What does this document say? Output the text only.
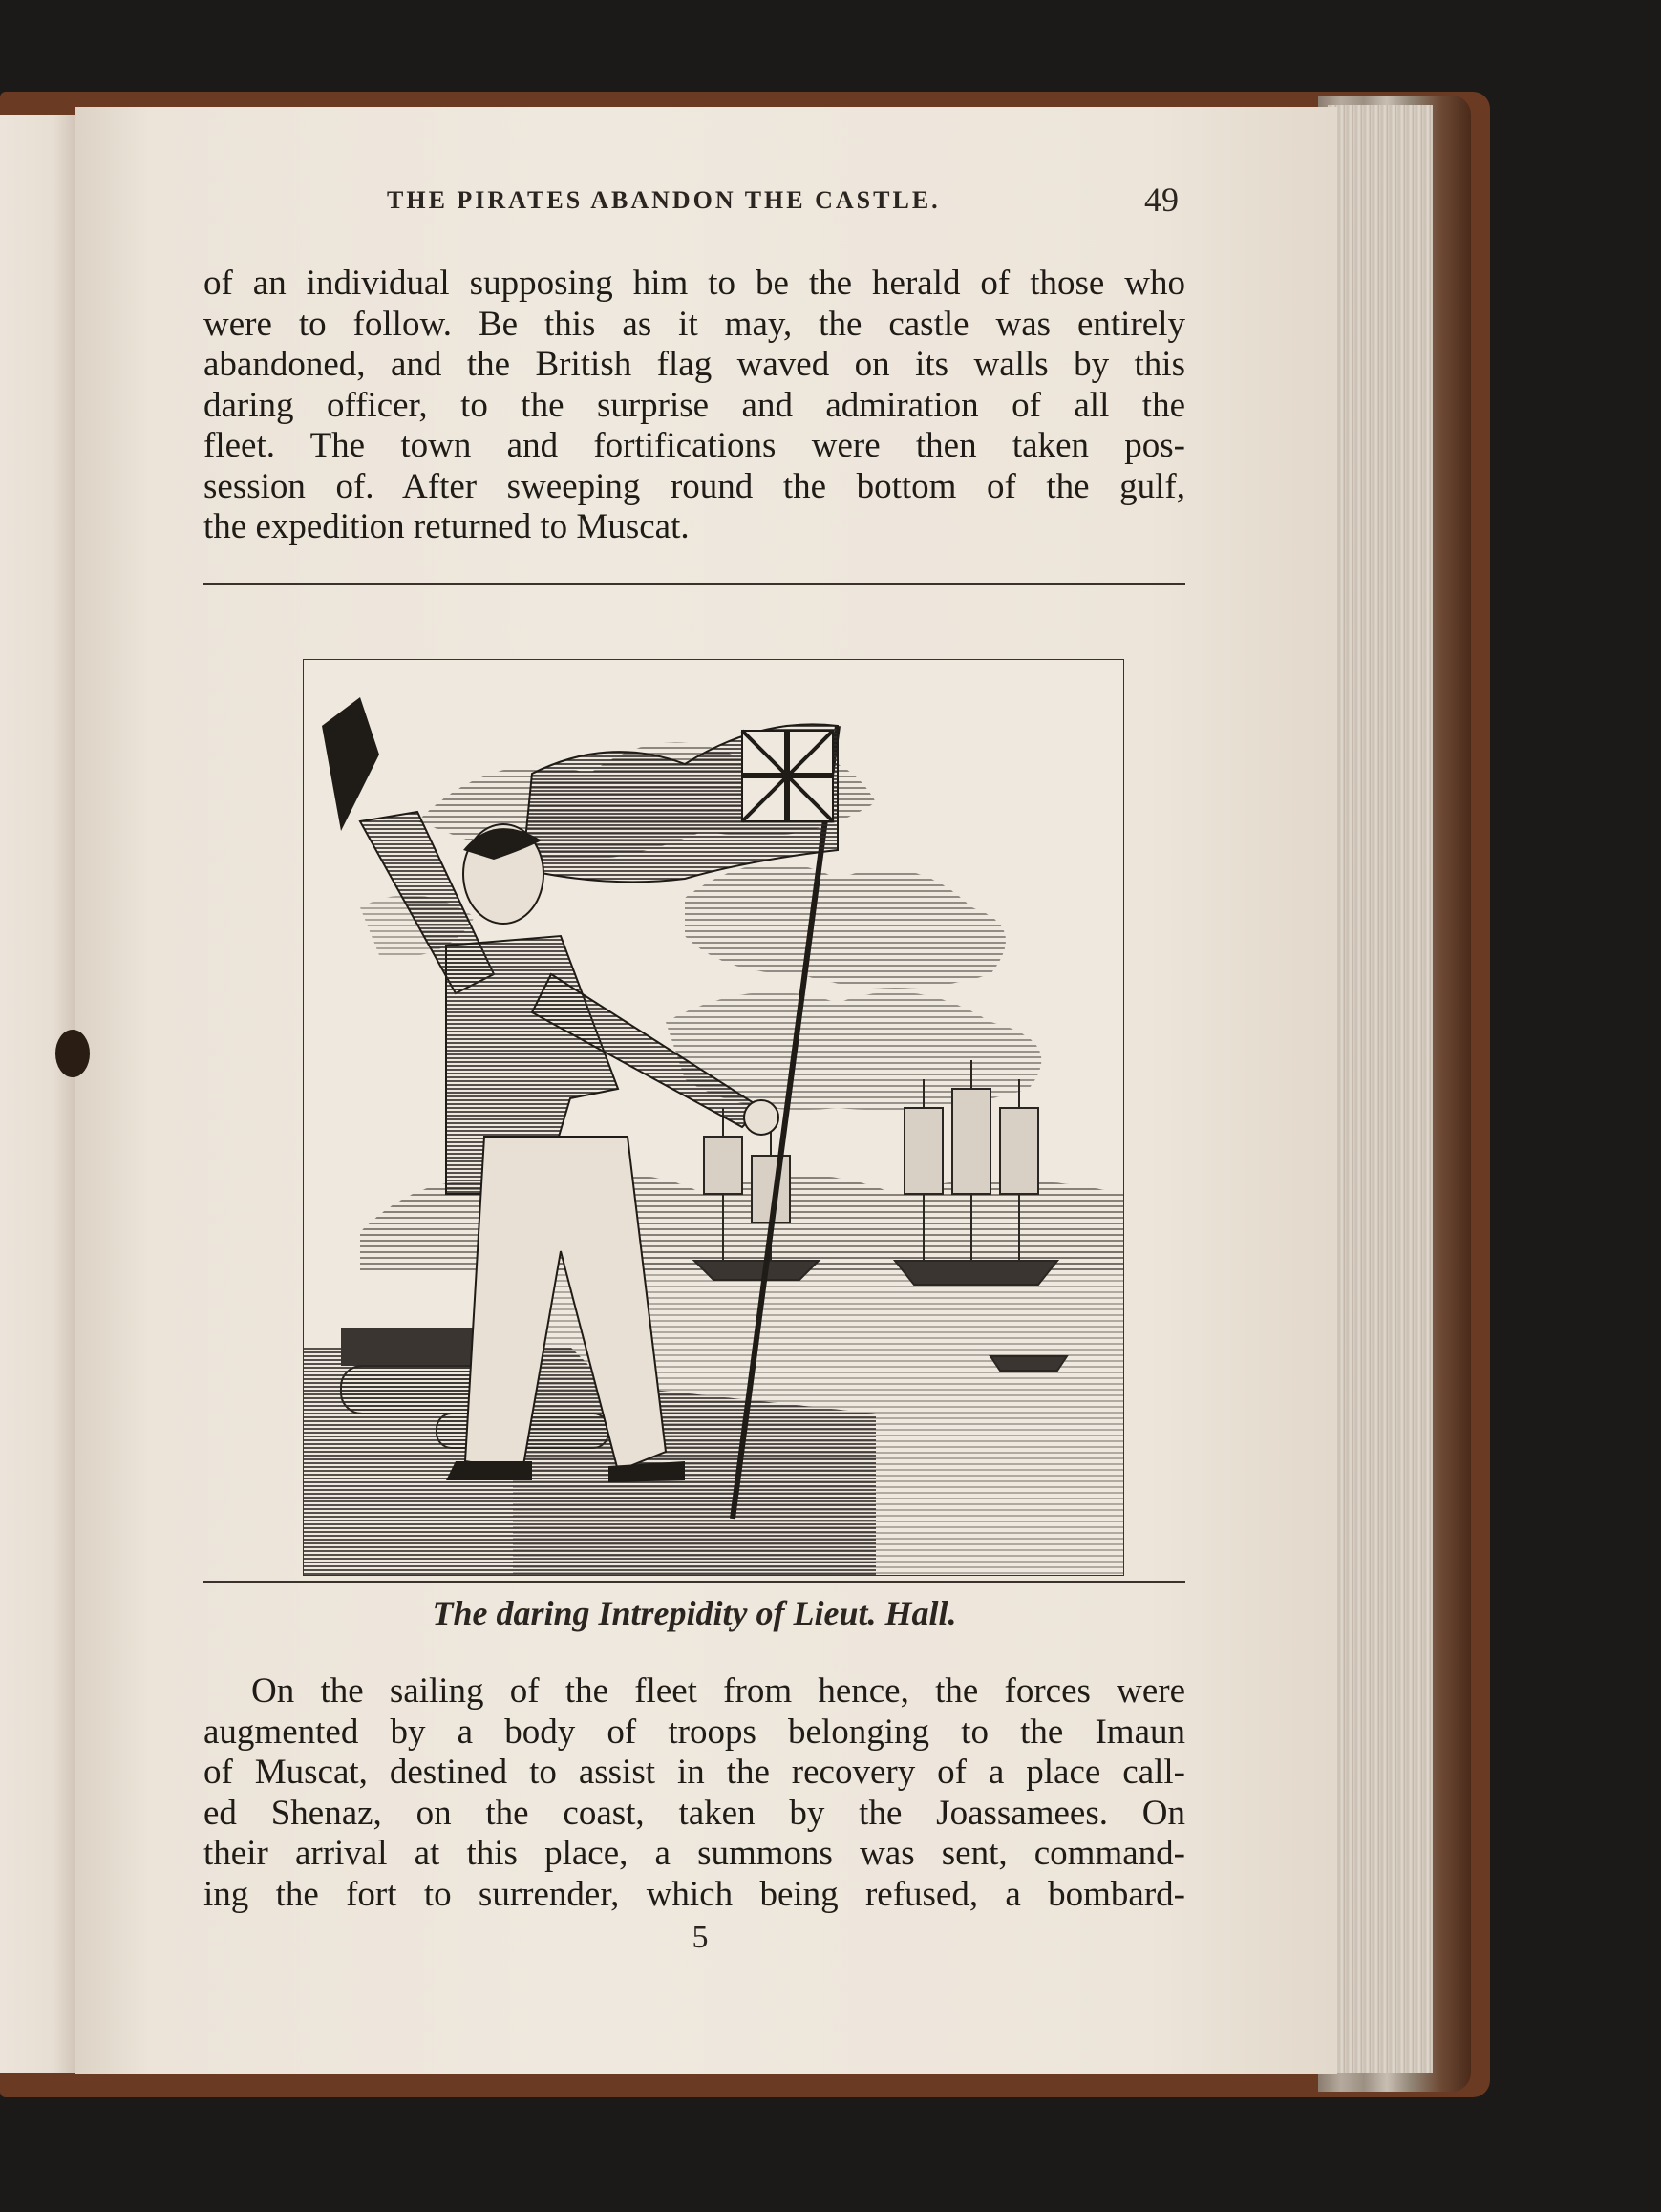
THE PIRATES ABANDON THE CASTLE.	49
of an individual supposing him to be the herald of those who
were to follow. Be this as it may, the castle was entirely
abandoned, and the British flag waved on its walls by this
daring officer, to the surprise and admiration of all the
fleet. The town and fortifications were then taken pos-
session of. After sweeping round the bottom of the gulf,
the expedition returned to Muscat.
The daring Intrepidity of Lieut. Hall.
On the sailing of the fleet from hence, the forces were
augmented by a body of troops belonging to the Imaun
of Muscat, destined to assist in the recovery of a place call-
ed Shenaz, on the coast, taken by the Joassamees. On
their arrival at this place, a summons was sent, command-
ing the fort to surrender, which being refused, a bombard-
5
